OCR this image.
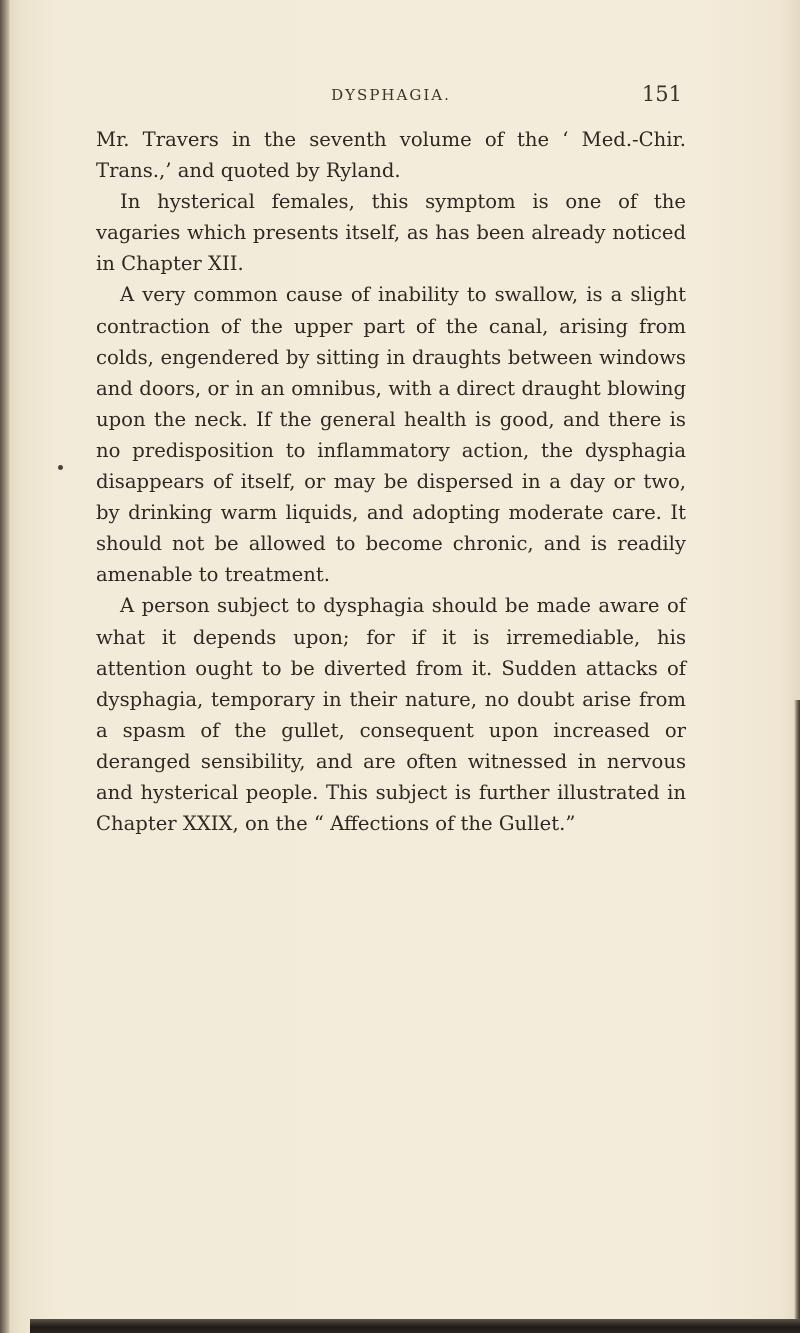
DYSPHAGIA.	151

Mr. Travers in the seventh volume of the ‘ Med.-Chir. Trans.,’ and quoted by Ryland.

In hysterical females, this symptom is one of the vagaries which presents itself, as has been already noticed in Chapter XII.

A very common cause of inability to swallow, is a slight contraction of the upper part of the canal, arising from colds, engendered by sitting in draughts between windows and doors, or in an omnibus, with a direct draught blowing upon the neck. If the general health is good, and there is no predisposition to inflammatory action, the dysphagia disappears of itself, or may be dispersed in a day or two, by drinking warm liquids, and adopting moderate care. It should not be allowed to become chronic, and is readily amenable to treatment.

A person subject to dysphagia should be made aware of what it depends upon; for if it is irremediable, his attention ought to be diverted from it. Sudden attacks of dysphagia, temporary in their nature, no doubt arise from a spasm of the gullet, consequent upon increased or deranged sensibility, and are often witnessed in nervous and hysterical people. This subject is further illustrated in Chapter XXIX, on the “ Affections of the Gullet.”
